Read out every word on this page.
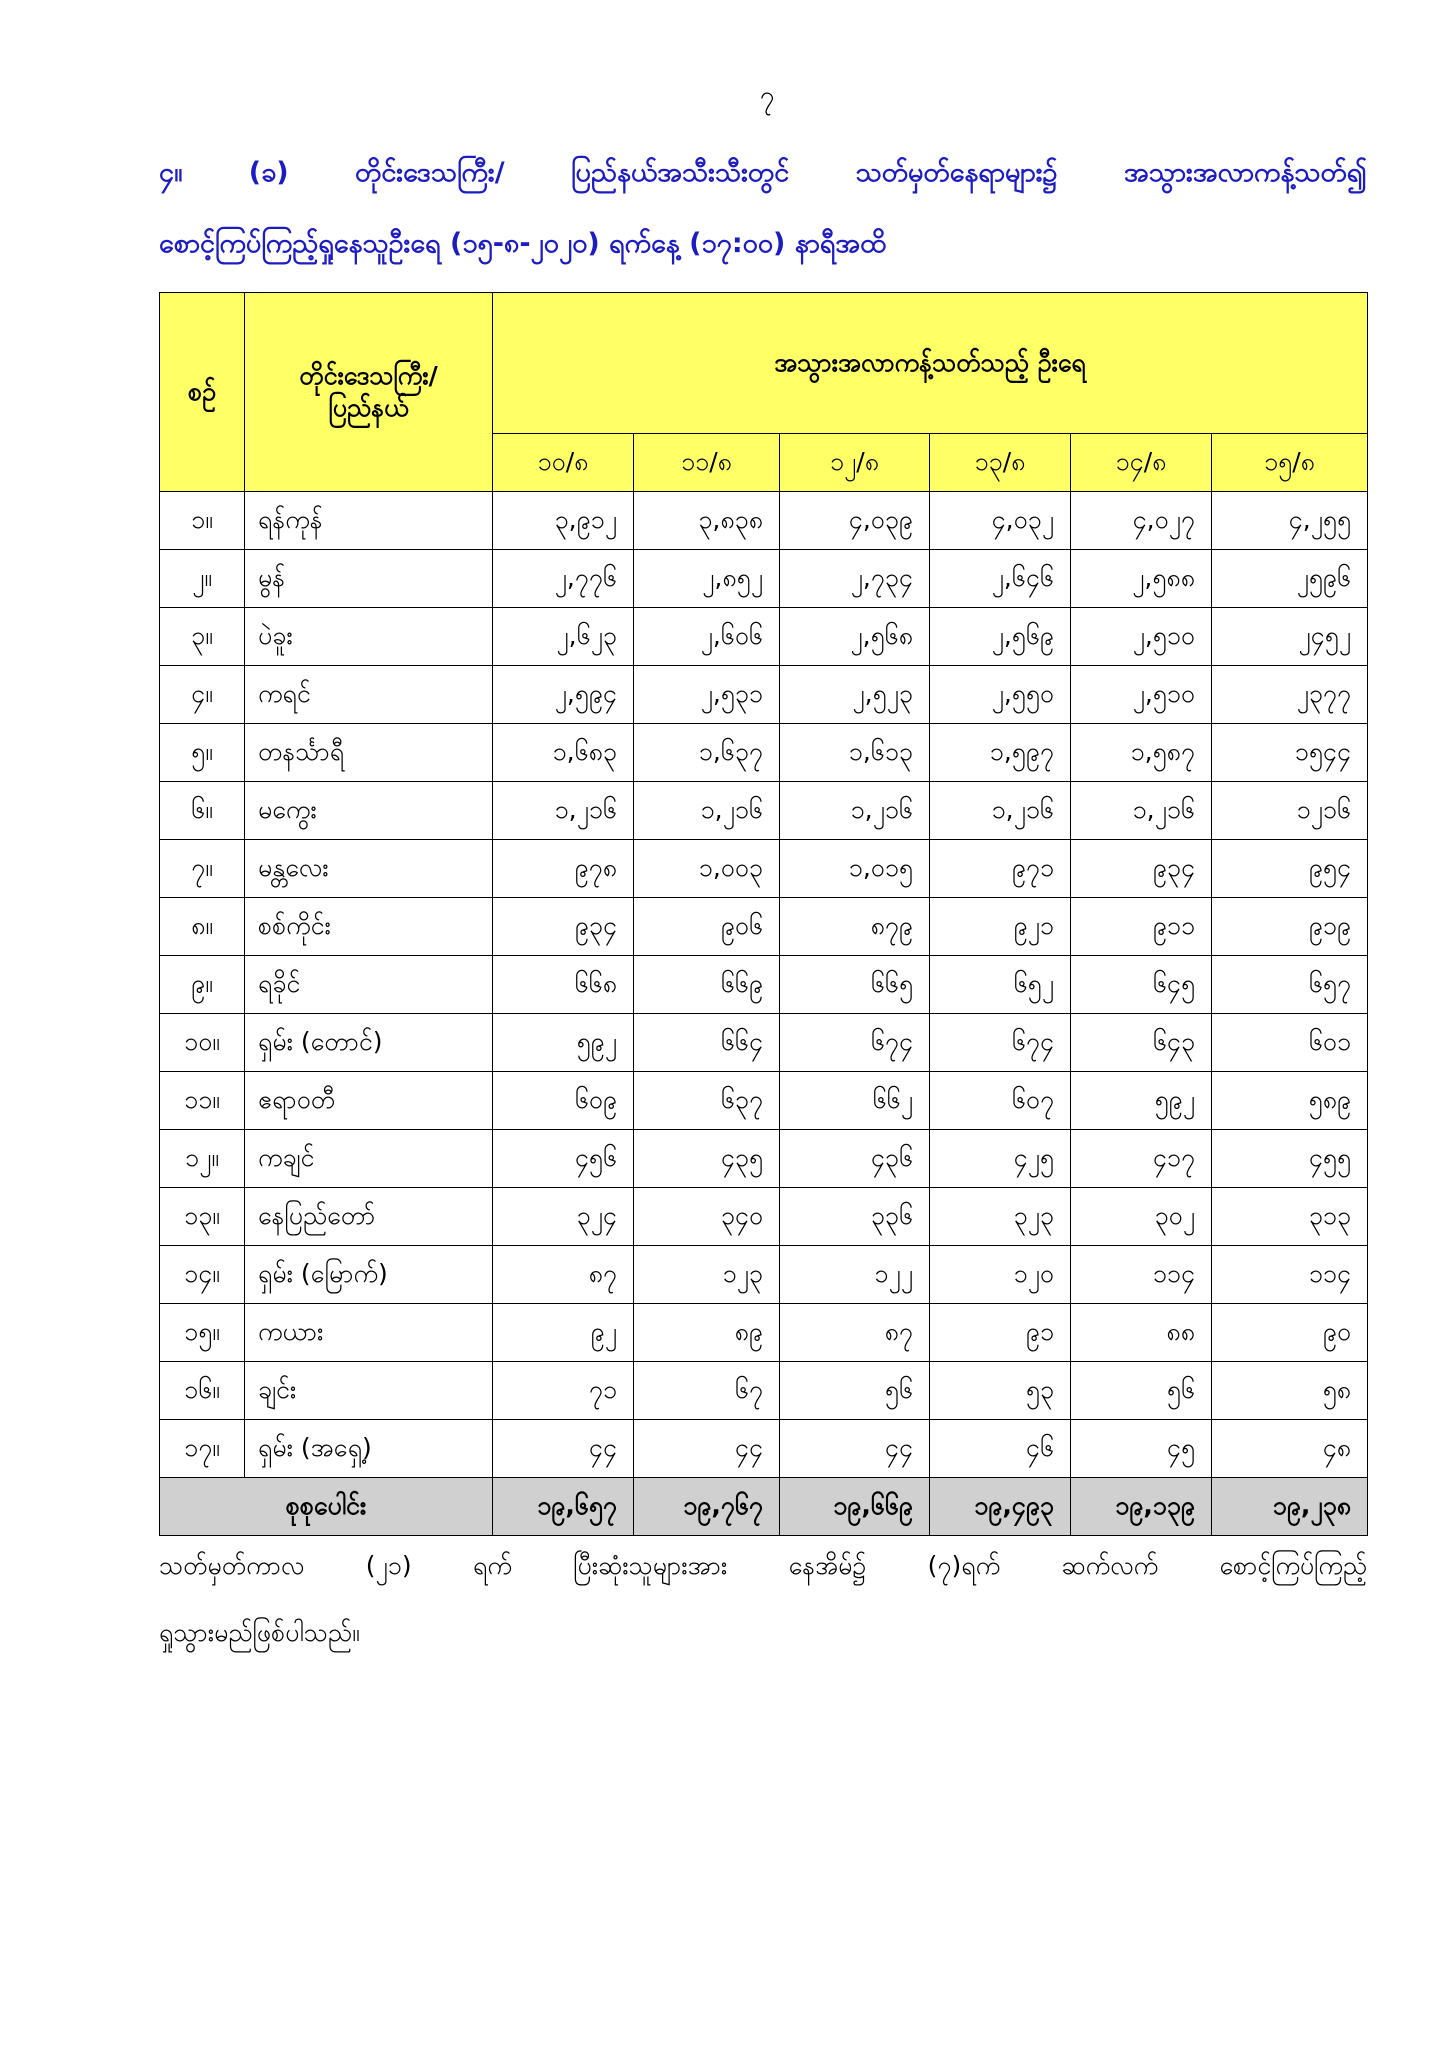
၇
၄။ (ခ) တိုင်းဒေသကြီး/ ပြည်နယ်အသီးသီးတွင် သတ်မှတ်နေရာများ၌ အသွားအလာကန့်သတ်၍
စောင့်ကြပ်ကြည့်ရှုနေသူဦးရေ (၁၅-၈-၂၀၂၀) ရက်နေ့ (၁၇:၀၀) နာရီအထိ
စဉ်	တိုင်းဒေသကြီး/
ပြည်နယ်	အသွားအလာကန့်သတ်သည့် ဦးရေ					
		၁၀/၈	၁၁/၈	၁၂/၈	၁၃/၈	၁၄/၈	၁၅/၈
၁။	ရန်ကုန်	၃,၉၁၂	၃,၈၃၈	၄,၀၃၉	၄,၀၃၂	၄,၀၂၇	၄,၂၅၅
၂။	မွန်	၂,၇၇၆	၂,၈၅၂	၂,၇၃၄	၂,၆၄၆	၂,၅၈၈	၂၅၉၆
၃။	ပဲခူး	၂,၆၂၃	၂,၆၀၆	၂,၅၆၈	၂,၅၆၉	၂,၅၁၀	၂၄၅၂
၄။	ကရင်	၂,၅၉၄	၂,၅၃၁	၂,၅၂၃	၂,၅၅၀	၂,၅၁၀	၂၃၇၇
၅။	တနင်္သာရီ	၁,၆၈၃	၁,၆၃၇	၁,၆၁၃	၁,၅၉၇	၁,၅၈၇	၁၅၄၄
၆။	မကွေး	၁,၂၁၆	၁,၂၁၆	၁,၂၁၆	၁,၂၁၆	၁,၂၁၆	၁၂၁၆
၇။	မန္တလေး	၉၇၈	၁,၀၀၃	၁,၀၁၅	၉၇၁	၉၃၄	၉၅၄
၈။	စစ်ကိုင်း	၉၃၄	၉၀၆	၈၇၉	၉၂၁	၉၁၁	၉၁၉
၉။	ရခိုင်	၆၆၈	၆၆၉	၆၆၅	၆၅၂	၆၄၅	၆၅၇
၁၀။	ရှမ်း (တောင်)	၅၉၂	၆၆၄	၆၇၄	၆၇၄	၆၄၃	၆၀၁
၁၁။	ဧရာဝတီ	၆၀၉	၆၃၇	၆၆၂	၆၀၇	၅၉၂	၅၈၉
၁၂။	ကချင်	၄၅၆	၄၃၅	၄၃၆	၄၂၅	၄၁၇	၄၅၅
၁၃။	နေပြည်တော်	၃၂၄	၃၄၀	၃၃၆	၃၂၃	၃၀၂	၃၁၃
၁၄။	ရှမ်း (မြောက်)	၈၇	၁၂၃	၁၂၂	၁၂၀	၁၁၄	၁၁၄
၁၅။	ကယား	၉၂	၈၉	၈၇	၉၁	၈၈	၉၀
၁၆။	ချင်း	၇၁	၆၇	၅၆	၅၃	၅၆	၅၈
၁၇။	ရှမ်း (အရှေ့)	၄၄	၄၄	၄၄	၄၆	၄၅	၄၈
စုစုပေါင်း		၁၉,၆၅၇	၁၉,၇၆၇	၁၉,၆၆၉	၁၉,၄၉၃	၁၉,၁၃၉	၁၉,၂၃၈
သတ်မှတ်ကာလ (၂၁) ရက် ပြီးဆုံးသူများအား နေအိမ်၌ (၇)ရက် ဆက်လက် စောင့်ကြပ်ကြည့်
ရှုသွားမည်ဖြစ်ပါသည်။
